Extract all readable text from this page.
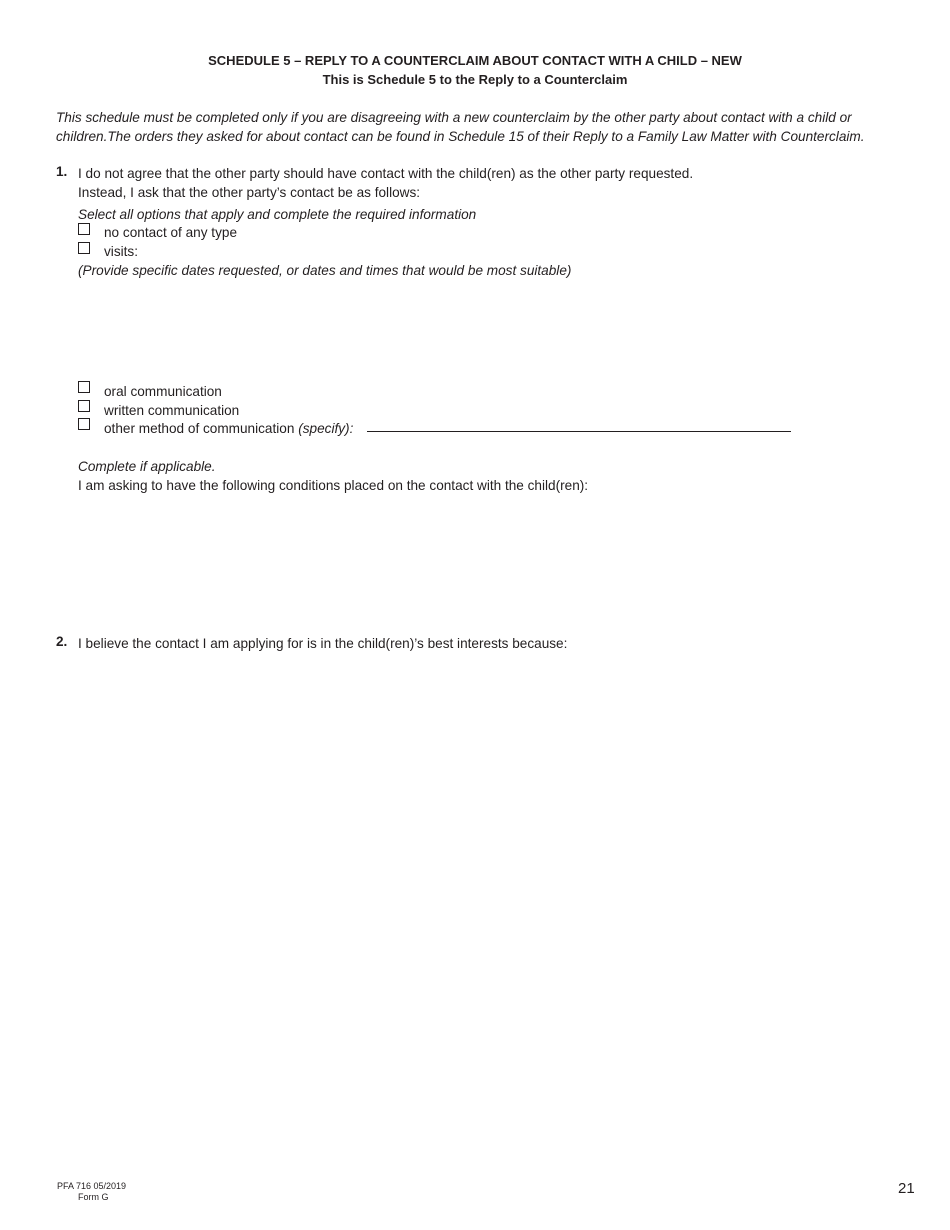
SCHEDULE 5 – REPLY TO A COUNTERCLAIM ABOUT CONTACT WITH A CHILD – NEW
This is Schedule 5 to the Reply to a Counterclaim
This schedule must be completed only if you are disagreeing with a new counterclaim by the other party about contact with a child or
children.The orders they asked for about contact can be found in Schedule 15 of their Reply to a Family Law Matter with Counterclaim.
1. I do not agree that the other party should have contact with the child(ren) as the other party requested.
Instead, I ask that the other party’s contact be as follows:
Select all options that apply and complete the required information
no contact of any type
visits:
(Provide specific dates requested, or dates and times that would be most suitable)
oral communication
written communication
other method of communication (specify):
Complete if applicable.
I am asking to have the following conditions placed on the contact with the child(ren):
2. I believe the contact I am applying for is in the child(ren)’s best interests because:
PFA 716 05/2019
Form G	21
